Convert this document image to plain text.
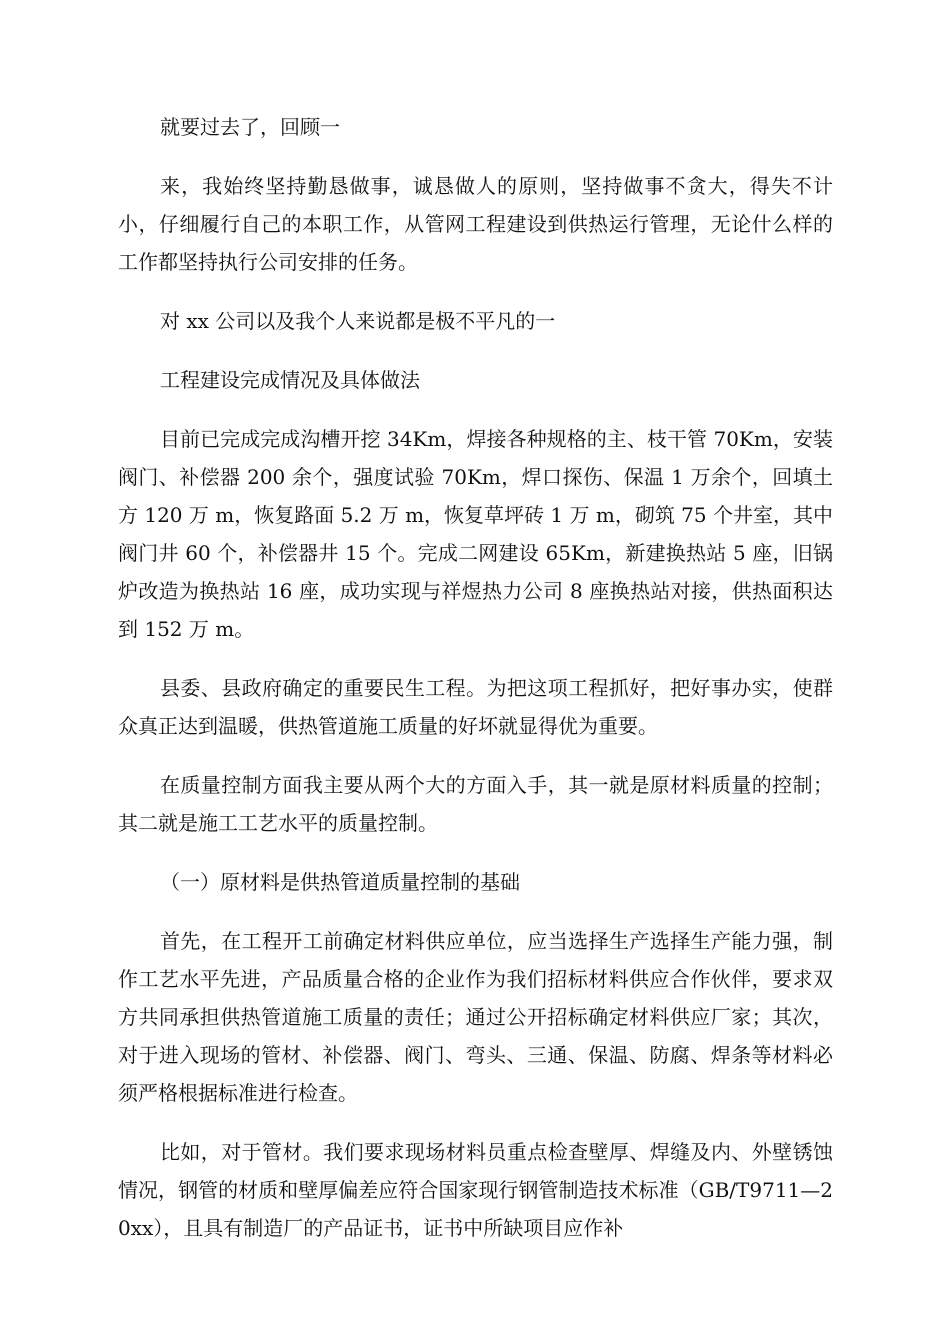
就要过去了，回顾一

来，我始终坚持勤恳做事，诚恳做人的原则，坚持做事不贪大，得失不计小，仔细履行自己的本职工作，从管网工程建设到供热运行管理，无论什么样的工作都坚持执行公司安排的任务。

对 xx 公司以及我个人来说都是极不平凡的一

工程建设完成情况及具体做法

目前已完成完成沟槽开挖 34Km，焊接各种规格的主、枝干管 70Km，安装阀门、补偿器 200 余个，强度试验 70Km，焊口探伤、保温 1 万余个，回填土方 120 万 m，恢复路面 5.2 万 m，恢复草坪砖 1 万 m，砌筑 75 个井室，其中阀门井 60 个，补偿器井 15 个。完成二网建设 65Km，新建换热站 5 座，旧锅炉改造为换热站 16 座，成功实现与祥煜热力公司 8 座换热站对接，供热面积达到 152 万 m。

县委、县政府确定的重要民生工程。为把这项工程抓好，把好事办实，使群众真正达到温暖，供热管道施工质量的好坏就显得优为重要。

在质量控制方面我主要从两个大的方面入手，其一就是原材料质量的控制；其二就是施工工艺水平的质量控制。

（一）原材料是供热管道质量控制的基础

首先，在工程开工前确定材料供应单位，应当选择生产选择生产能力强，制作工艺水平先进，产品质量合格的企业作为我们招标材料供应合作伙伴，要求双方共同承担供热管道施工质量的责任；通过公开招标确定材料供应厂家；其次，对于进入现场的管材、补偿器、阀门、弯头、三通、保温、防腐、焊条等材料必须严格根据标准进行检查。

比如，对于管材。我们要求现场材料员重点检查壁厚、焊缝及内、外壁锈蚀情况，钢管的材质和壁厚偏差应符合国家现行钢管制造技术标准（GB/T9711—20xx），且具有制造厂的产品证书，证书中所缺项目应作补
